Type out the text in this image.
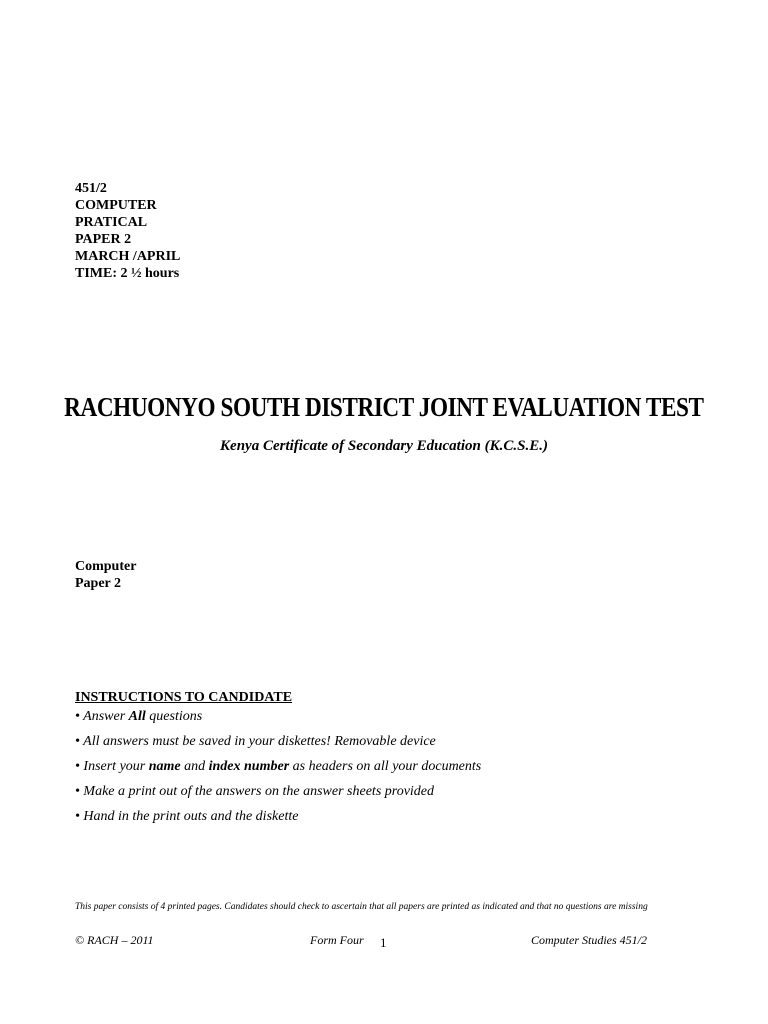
451/2
COMPUTER
PRATICAL
PAPER 2
MARCH /APRIL
TIME: 2 ½ hours
RACHUONYO SOUTH DISTRICT JOINT EVALUATION TEST
Kenya Certificate of Secondary Education (K.C.S.E.)
Computer
Paper 2
INSTRUCTIONS TO CANDIDATE
• Answer All questions
• All answers must be saved in your diskettes! Removable device
• Insert your name and index number as headers on all your documents
• Make a print out of the answers on the answer sheets provided
• Hand in the print outs and the diskette
This paper consists of 4 printed pages. Candidates should check to ascertain that all papers are printed as indicated and that no questions are missing
© RACH – 2011	Form Four 1	Computer Studies 451/2
